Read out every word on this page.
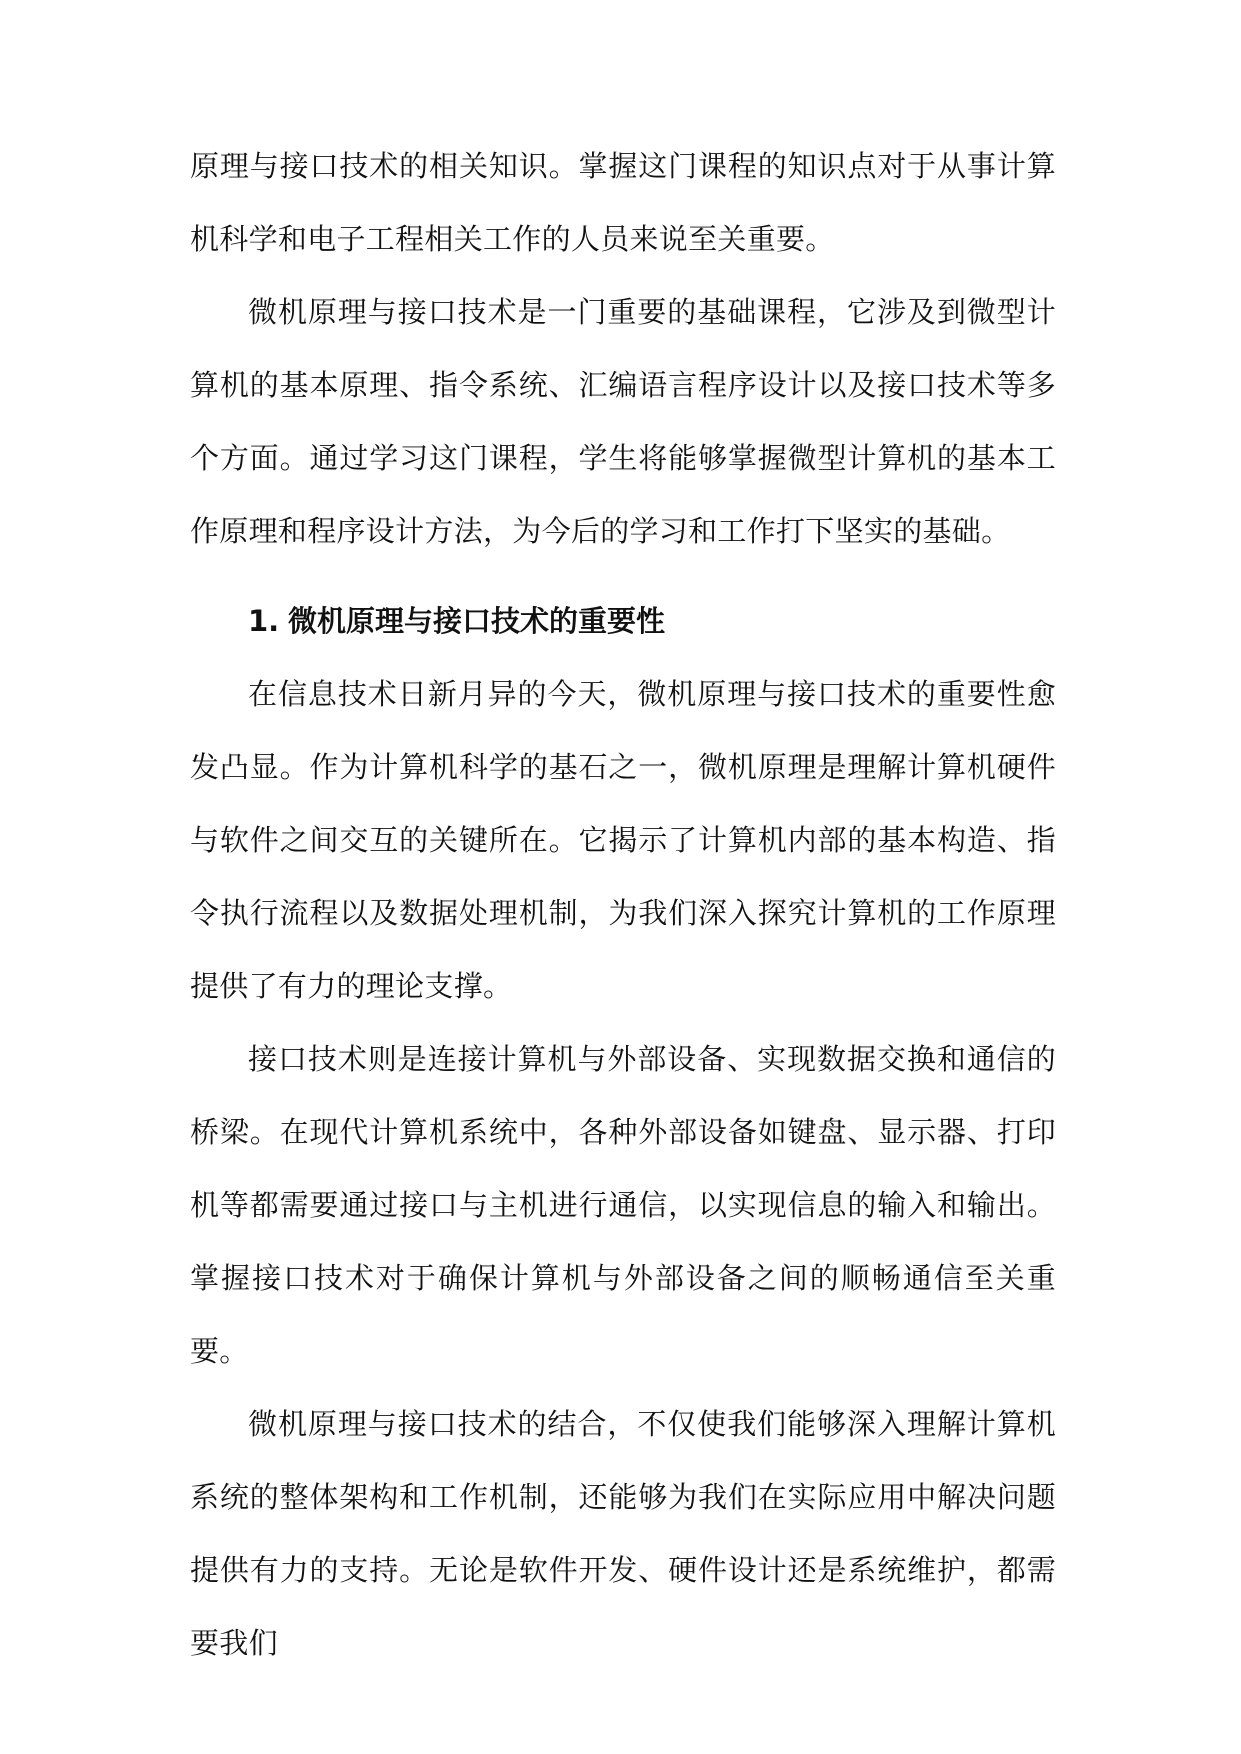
原理与接口技术的相关知识。掌握这门课程的知识点对于从事计算机科学和电子工程相关工作的人员来说至关重要。

微机原理与接口技术是一门重要的基础课程，它涉及到微型计算机的基本原理、指令系统、汇编语言程序设计以及接口技术等多个方面。通过学习这门课程，学生将能够掌握微型计算机的基本工作原理和程序设计方法，为今后的学习和工作打下坚实的基础。

1. 微机原理与接口技术的重要性

在信息技术日新月异的今天，微机原理与接口技术的重要性愈发凸显。作为计算机科学的基石之一，微机原理是理解计算机硬件与软件之间交互的关键所在。它揭示了计算机内部的基本构造、指令执行流程以及数据处理机制，为我们深入探究计算机的工作原理提供了有力的理论支撑。

接口技术则是连接计算机与外部设备、实现数据交换和通信的桥梁。在现代计算机系统中，各种外部设备如键盘、显示器、打印机等都需要通过接口与主机进行通信，以实现信息的输入和输出。掌握接口技术对于确保计算机与外部设备之间的顺畅通信至关重要。

微机原理与接口技术的结合，不仅使我们能够深入理解计算机系统的整体架构和工作机制，还能够为我们在实际应用中解决问题提供有力的支持。无论是软件开发、硬件设计还是系统维护，都需要我们
